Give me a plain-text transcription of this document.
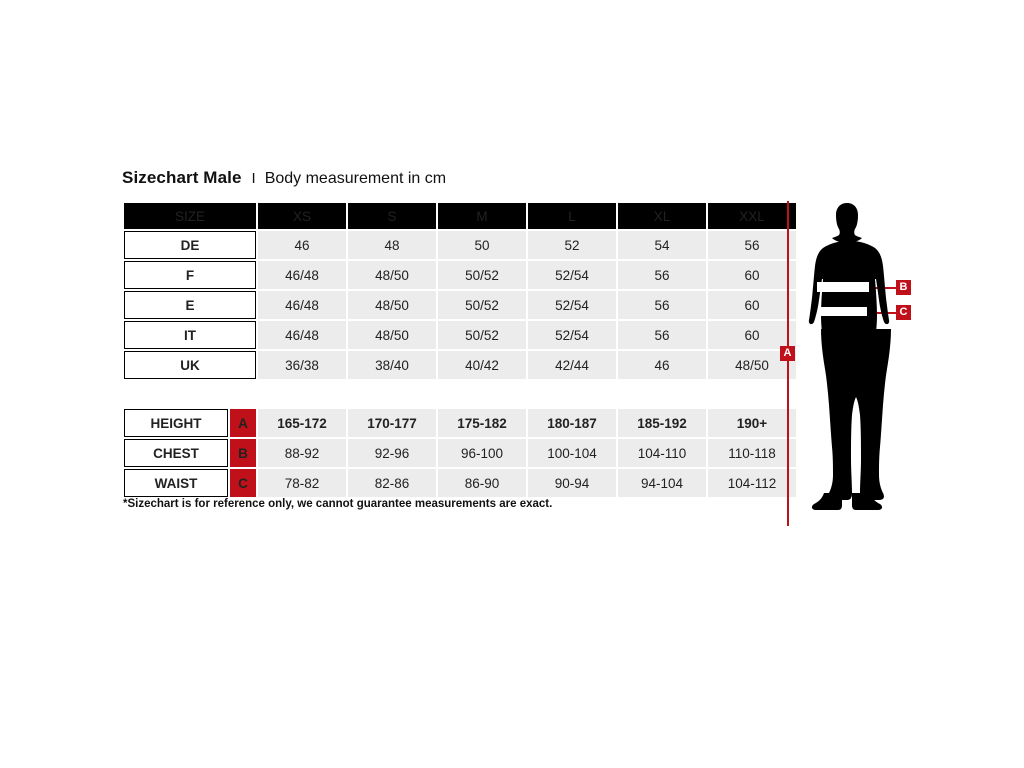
Sizechart Male I Body measurement in cm
SIZE		XS	S	M	L	XL	XXL
DE		46	48	50	52	54	56
F		46/48	48/50	50/52	52/54	56	60
E		46/48	48/50	50/52	52/54	56	60
IT		46/48	48/50	50/52	52/54	56	60
UK		36/38	38/40	40/42	42/44	46	48/50

HEIGHT	A	165-172	170-177	175-182	180-187	185-192	190+
CHEST	B	88-92	92-96	96-100	100-104	104-110	110-118
WAIST	C	78-82	82-86	86-90	90-94	94-104	104-112
*Sizechart is for reference only, we cannot guarantee measurements are exact.
A
B
C
